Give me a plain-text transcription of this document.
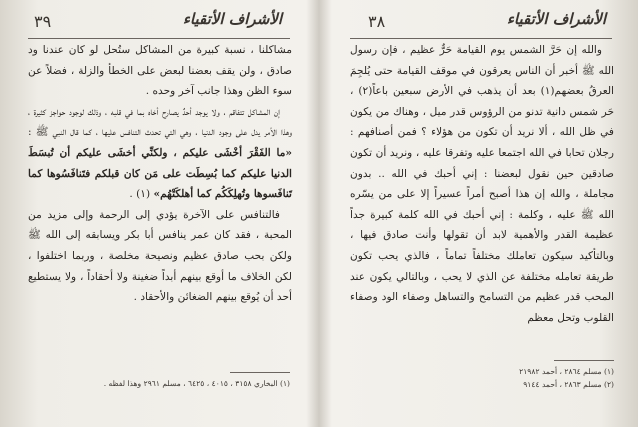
٣٩	الأشراف الأتقياء

مشاكلنا ، نسبة كبيرة من المشاكل ستُحل لو كان عندنا ود صادق ، ولن يقف بعضنا لبعض على الخطأ والزلة ، فضلاً عن سوء الظن وهذا جانب آخر وحده .

إن المشاكل تتفاقم ، ولا يوجد أحدٌ يصارح أخاه بما في قلبه ، وذلك لوجود حواجز كثيرة ، وهذا الأمر يدل على وجود الدنيا ، وهي التي تحدث التنافس عليها ، كما قال النبي ﷺ : «ما الفَقْرَ أخْشَى عليكم ، ولكنِّي أخشَى عليكم أن تُبسَطَ الدنيا عليكم كما بُسِطَت على مَن كان قبلكم فتَنافَسُوها كما تَنافَسوها وتُهلِكَكُم كما أهلكَتْهُم» (١) .

فالتنافس على الآخرة يؤدي إلى الرحمة وإلى مزيد من المحبة ، فقد كان عمر ينافس أبا بكر ويسابقه إلى الله ﷺ ولكن بحب صادق عظيم ونصيحة مخلصة ، وربما اختلفوا ، لكن الخلاف ما أوقع بينهم أبداً ضغينة ولا أحقاداً ، ولا يستطيع أحد أن يُوقع بينهم الضغائن والأحقاد .

(١) البخاري ٣١٥٨ ، ٤٠١٥ ، ٦٤٢٥ ، مسلم ٢٩٦١ وهذا لفظه .
٣٨	الأشراف الأتقياء

والله إن حَرَّ الشمس يوم القيامة حَرٌّ عظيم ، فإن رسول الله ﷺ أخبر أن الناس يعرقون في موقف القيامة حتى يُلجِمَ العرقُ بعضهم(١) بعد أن يذهب في الأرض سبعين باعاً(٢) ، حَر شمس دانية تدنو من الرؤوس قدر ميل ، وهناك من يكون في ظل الله ، ألا نريد أن تكون من هؤلاء ؟ فمن أصنافهم : رجلان تحابا في الله اجتمعا عليه وتفرقا عليه ، ونريد أن تكون صادقين حين نقول لبعضنا : إني أحبك في الله .. بدون مجاملة ، والله إن هذا أصبح أمراً عسيراً إلا على من يسّره الله ﷺ عليه ، وكلمة : إني أحبك في الله كلمة كبيرة جداً عظيمة القدر والأهمية لابد أن تقولها وأنت صادق فيها ، وبالتأكيد سيكون تعاملك مختلفاً تماماً ، فالذي يحب تكون طريقة تعامله مختلفة عن الذي لا يحب ، وبالتالي يكون عند المحب قدر عظيم من التسامح والتساهل وصفاء الود وصفاء القلوب وتحل معظم

(١) مسلم ٢٨٦٤ ، أحمد ٢١٩٨٢
(٢) مسلم ٢٨٦٣ ، أحمد ٩١٤٤
